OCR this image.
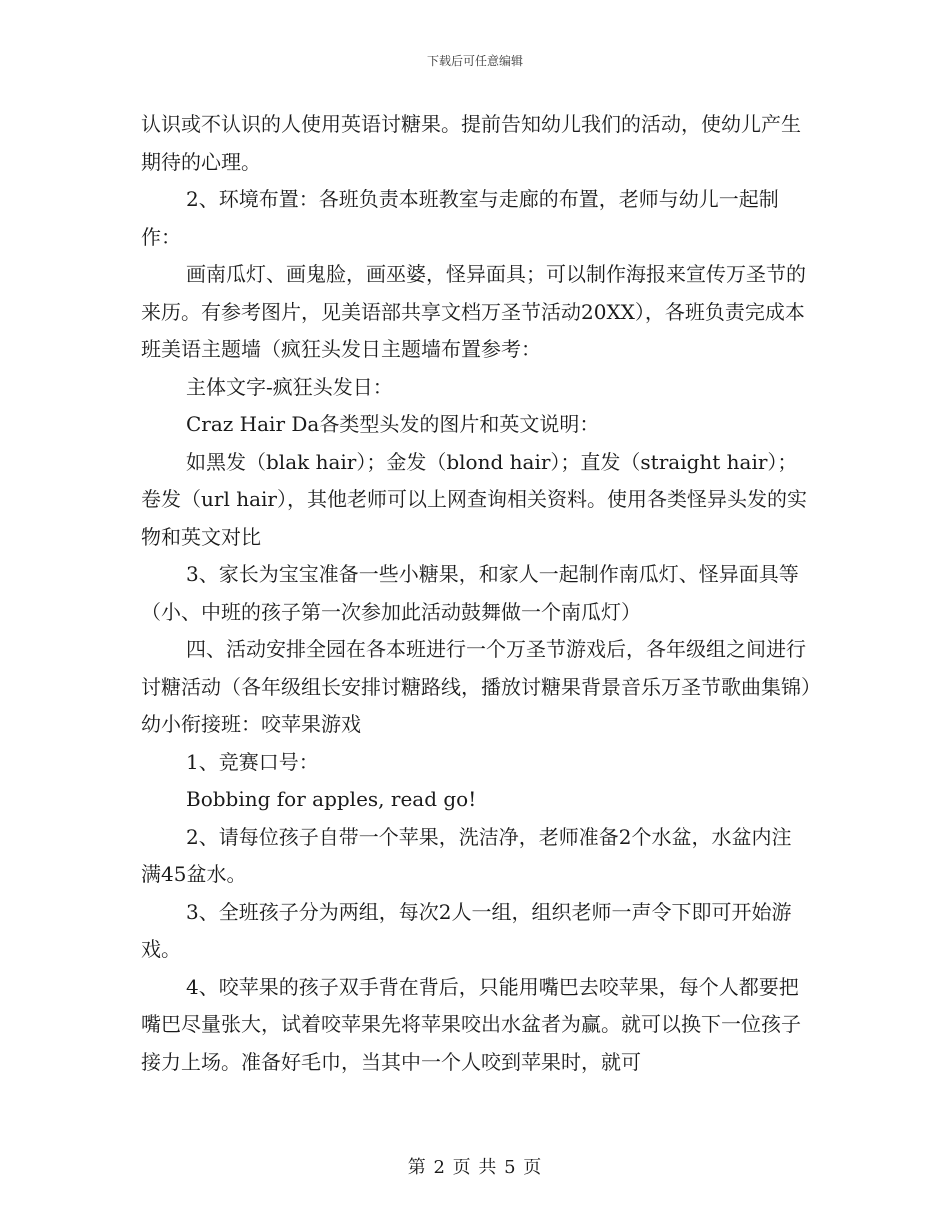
下载后可任意编辑

认识或不认识的人使用英语讨糖果。提前告知幼儿我们的活动，使幼儿产生期待的心理。

2、环境布置：各班负责本班教室与走廊的布置，老师与幼儿一起制作：

画南瓜灯、画鬼脸，画巫婆，怪异面具；可以制作海报来宣传万圣节的来历。有参考图片，见美语部共享文档万圣节活动20XX），各班负责完成本班美语主题墙（疯狂头发日主题墙布置参考：

主体文字-疯狂头发日：

Craz Hair Da各类型头发的图片和英文说明：

如黑发（blak hair）；金发（blond hair）；直发（straight hair）；卷发（url hair），其他老师可以上网查询相关资料。使用各类怪异头发的实物和英文对比

3、家长为宝宝准备一些小糖果，和家人一起制作南瓜灯、怪异面具等（小、中班的孩子第一次参加此活动鼓舞做一个南瓜灯）

四、活动安排全园在各本班进行一个万圣节游戏后，各年级组之间进行讨糖活动（各年级组长安排讨糖路线，播放讨糖果背景音乐万圣节歌曲集锦）幼小衔接班：咬苹果游戏

1、竞赛口号：

Bobbing for apples, read go!

2、请每位孩子自带一个苹果，洗洁净，老师准备2个水盆，水盆内注满45盆水。

3、全班孩子分为两组，每次2人一组，组织老师一声令下即可开始游戏。

4、咬苹果的孩子双手背在背后，只能用嘴巴去咬苹果，每个人都要把嘴巴尽量张大，试着咬苹果先将苹果咬出水盆者为赢。就可以换下一位孩子接力上场。准备好毛巾，当其中一个人咬到苹果时，就可

第 2 页 共 5 页
